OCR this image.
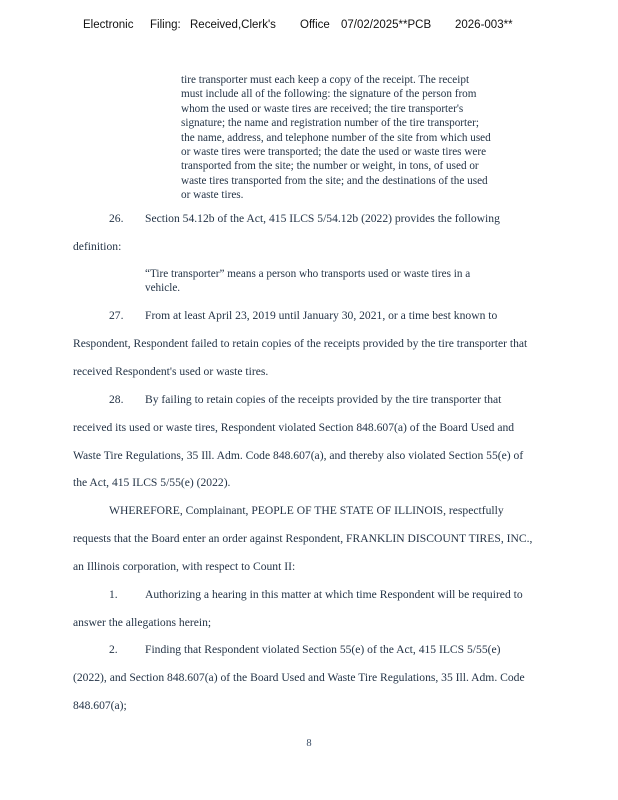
Electronic Filing: Received,Clerk's Office 07/02/2025**PCB 2026-003**
tire transporter must each keep a copy of the receipt. The receipt
must include all of the following: the signature of the person from
whom the used or waste tires are received; the tire transporter's
signature; the name and registration number of the tire transporter;
the name, address, and telephone number of the site from which used
or waste tires were transported; the date the used or waste tires were
transported from the site; the number or weight, in tons, of used or
waste tires transported from the site; and the destinations of the used
or waste tires.
26. Section 54.12b of the Act, 415 ILCS 5/54.12b (2022) provides the following
definition:
“Tire transporter” means a person who transports used or waste tires in a
vehicle.
27. From at least April 23, 2019 until January 30, 2021, or a time best known to
Respondent, Respondent failed to retain copies of the receipts provided by the tire transporter that
received Respondent's used or waste tires.
28. By failing to retain copies of the receipts provided by the tire transporter that
received its used or waste tires, Respondent violated Section 848.607(a) of the Board Used and
Waste Tire Regulations, 35 Ill. Adm. Code 848.607(a), and thereby also violated Section 55(e) of
the Act, 415 ILCS 5/55(e) (2022).
WHEREFORE, Complainant, PEOPLE OF THE STATE OF ILLINOIS, respectfully
requests that the Board enter an order against Respondent, FRANKLIN DISCOUNT TIRES, INC.,
an Illinois corporation, with respect to Count II:
1. Authorizing a hearing in this matter at which time Respondent will be required to
answer the allegations herein;
2. Finding that Respondent violated Section 55(e) of the Act, 415 ILCS 5/55(e)
(2022), and Section 848.607(a) of the Board Used and Waste Tire Regulations, 35 Ill. Adm. Code
848.607(a);
8
